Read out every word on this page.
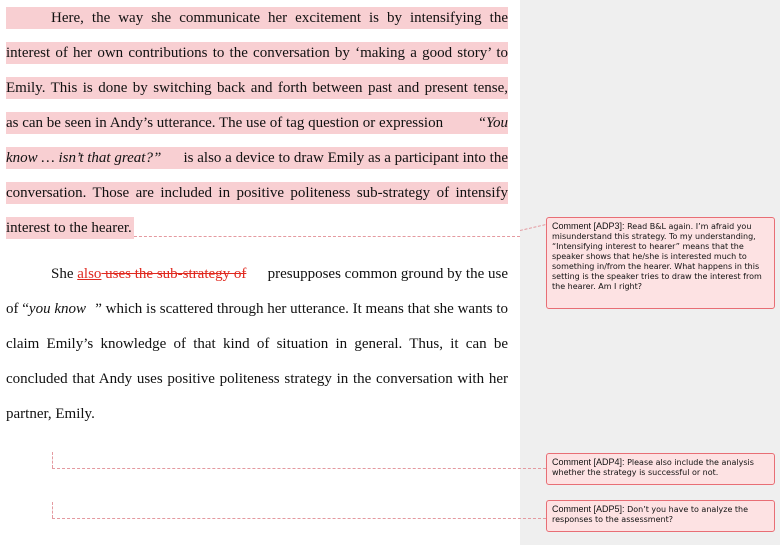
Here, the way she communicate her excitement is by intensifying the
interest of her own contributions to the conversation by ‘making a good story’ to
Emily. This is done by switching back and forth between past and present tense,
as can be seen in Andy’s utterance. The use of tag question or expression “You
know … isn’t that great?” is also a device to draw Emily as a participant into the
conversation. Those are included in positive politeness sub-strategy of intensify
interest to the hearer.
She also uses the sub-strategy of presupposes common ground by the use
of “you know ” which is scattered through her utterance. It means that she wants to
claim Emily’s knowledge of that kind of situation in general. Thus, it can be
concluded that Andy uses positive politeness strategy in the conversation with her
partner, Emily.
Comment [ADP3]: Read B&L again. I’m afraid you misunderstand this strategy. To my understanding, “Intensifying interest to hearer” means that the speaker shows that he/she is interested much to something in/from the hearer. What happens in this setting is the speaker tries to draw the interest from the hearer. Am I right?
Comment [ADP4]: Please also include the analysis whether the strategy is successful or not.
Comment [ADP5]: Don’t you have to analyze the responses to the assessment?
